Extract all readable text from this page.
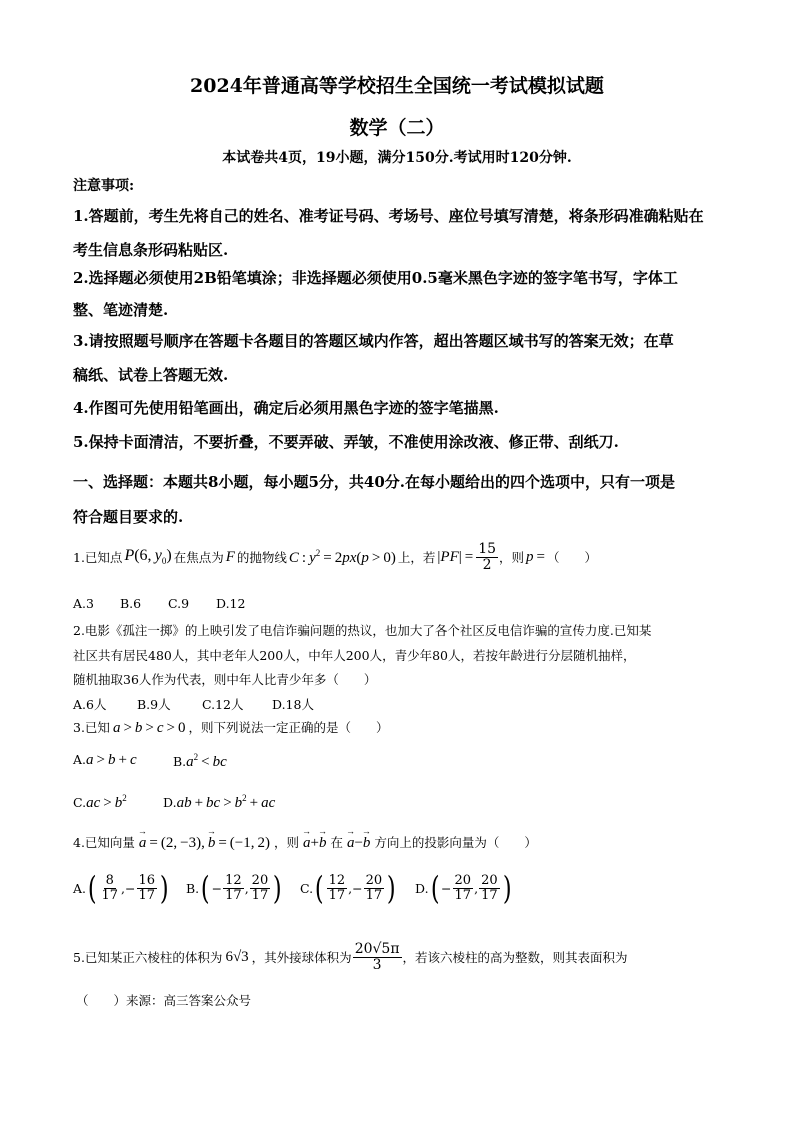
2024年普通高等学校招生全国统一考试模拟试题
数学（二）
本试卷共4页，19小题，满分150分.考试用时120分钟.
注意事项:
1.答题前，考生先将自己的姓名、准考证号码、考场号、座位号填写清楚，将条形码准确粘贴在
考生信息条形码粘贴区.
2.选择题必须使用2B铅笔填涂；非选择题必须使用0.5毫米黑色字迹的签字笔书写，字体工
整、笔迹清楚.
3.请按照题号顺序在答题卡各题目的答题区域内作答，超出答题区域书写的答案无效；在草
稿纸、试卷上答题无效.
4.作图可先使用铅笔画出，确定后必须用黑色字迹的签字笔描黑.
5.保持卡面清洁，不要折叠，不要弄破、弄皱，不准使用涂改液、修正带、刮纸刀.
一、选择题：本题共8小题，每小题5分，共40分.在每小题给出的四个选项中，只有一项是
符合题目要求的.
1.已知点 P(6, $y_0$) 在焦点为 F 的抛物线 C : $y^2 = 2px(p > 0)$ 上，若 $|PF| = \frac{15}{2}$ ，则 p = （　　）
A.3 B.6 C.9 D.12
2.电影《孤注一掷》的上映引发了电信诈骗问题的热议，也加大了各个社区反电信诈骗的宣传力度.已知某
社区共有居民480人，其中老年人200人，中年人200人，青少年80人，若按年龄进行分层随机抽样，
随机抽取36人作为代表，则中年人比青少年多（　　）
A.6人 B.9人	C.12人 D.18人
3.已知 a > b > c > 0 ，则下列说法一定正确的是（　　）
A.a > b + c	$B.a^2$ < bc
$C.ac > b^2$	D.ab + bc > $b^2$ + ac
4.已知向量 → a = (2, −3), → b = (−1, 2) ，则 → a+→ b 在 → a−→ b 方向上的投影向量为（　　）
A. ( $\frac{8}{17}$ ,− $\frac{16}{17}$ ) B. ( − $\frac{12}{17}$ , $\frac{20}{17}$ ) C. ( $\frac{12}{17}$ ,− $\frac{20}{17}$ ) D. ( − $\frac{20}{17}$ , $\frac{20}{17}$ )
5.已知某正六棱柱的体积为 6√3 ，其外接球体积为 $\frac{20√5\pi}{3}$ ，若该六棱柱的高为整数，则其表面积为
（　　）来源：高三答案公众号
